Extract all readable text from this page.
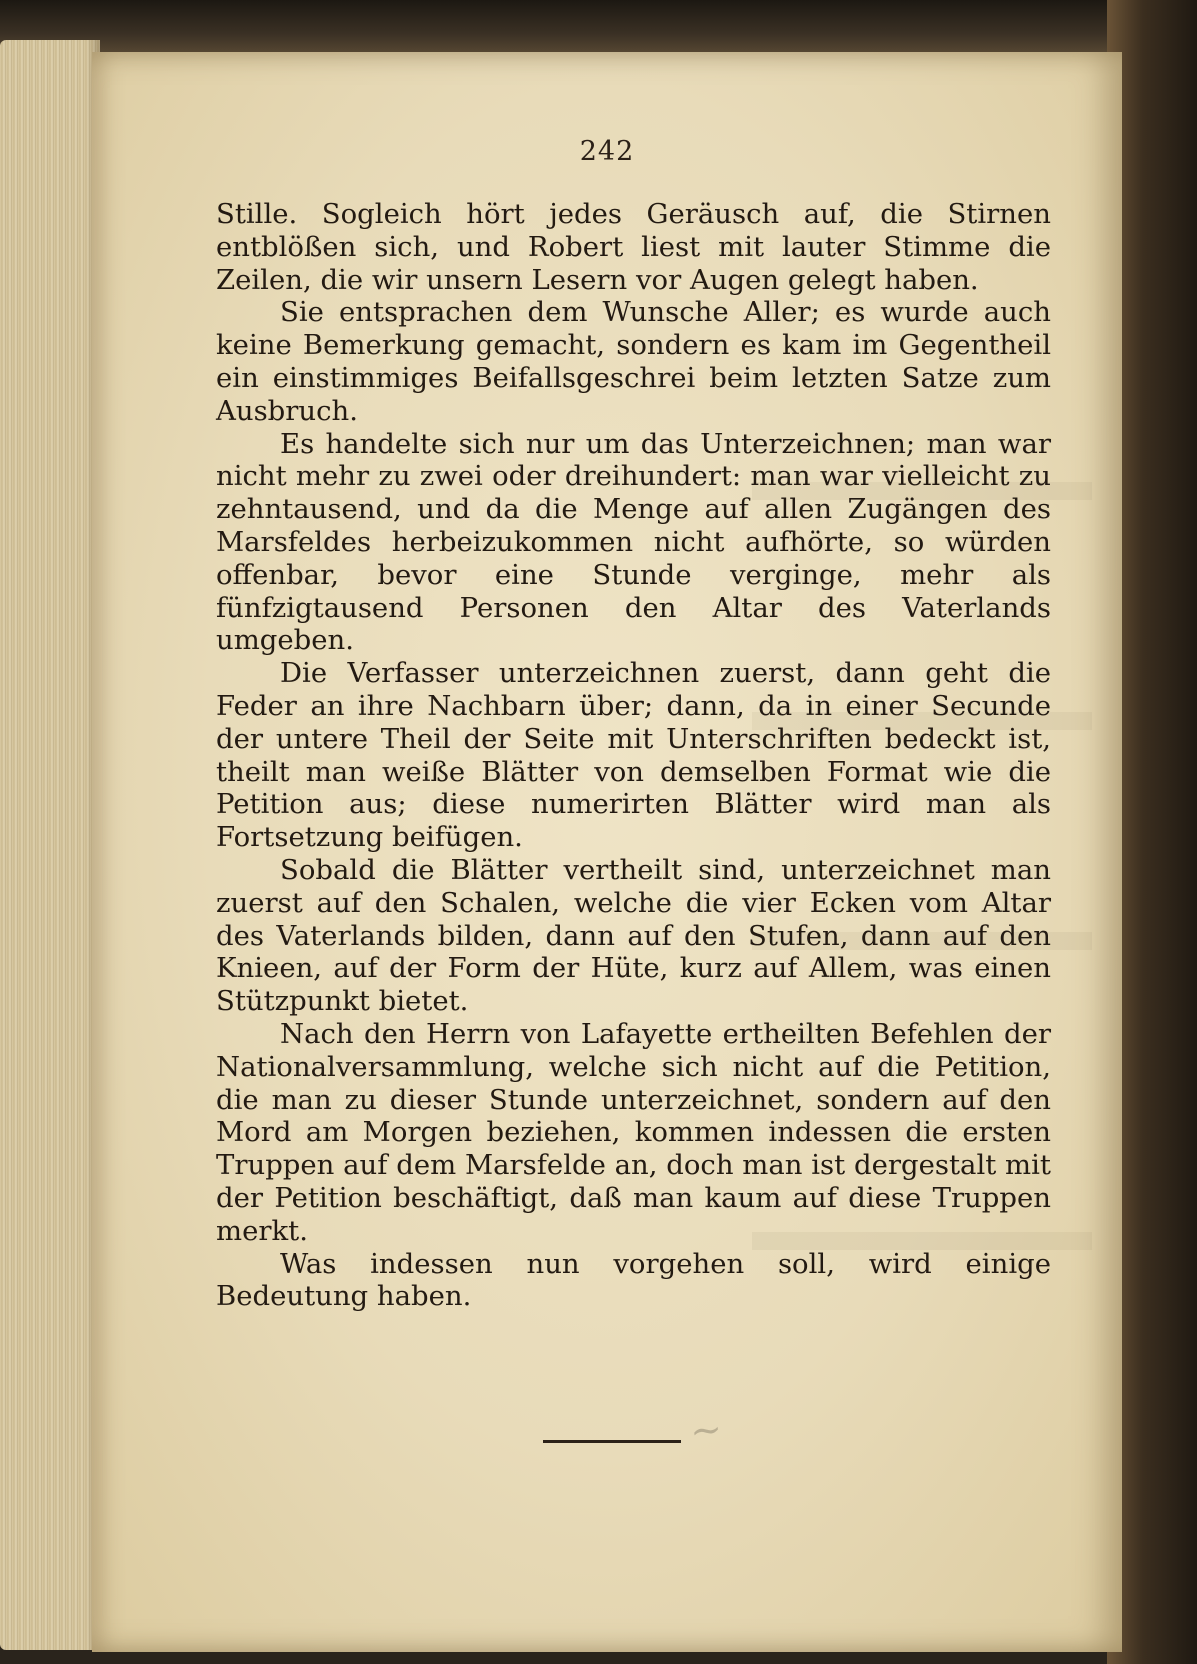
242

Stille. Sogleich hört jedes Geräusch auf, die Stirnen entblößen sich, und Robert liest mit lauter Stimme die Zeilen, die wir unsern Lesern vor Augen gelegt haben.

Sie entsprachen dem Wunsche Aller; es wurde auch keine Bemerkung gemacht, sondern es kam im Gegentheil ein einstimmiges Beifallsgeschrei beim letzten Satze zum Ausbruch.

Es handelte sich nur um das Unterzeichnen; man war nicht mehr zu zwei oder dreihundert: man war vielleicht zu zehntausend, und da die Menge auf allen Zugängen des Marsfeldes herbeizukommen nicht aufhörte, so würden offenbar, bevor eine Stunde verginge, mehr als fünfzigtausend Personen den Altar des Vaterlands umgeben.

Die Verfasser unterzeichnen zuerst, dann geht die Feder an ihre Nachbarn über; dann, da in einer Secunde der untere Theil der Seite mit Unterschriften bedeckt ist, theilt man weiße Blätter von demselben Format wie die Petition aus; diese numerirten Blätter wird man als Fortsetzung beifügen.

Sobald die Blätter vertheilt sind, unterzeichnet man zuerst auf den Schalen, welche die vier Ecken vom Altar des Vaterlands bilden, dann auf den Stufen, dann auf den Knieen, auf der Form der Hüte, kurz auf Allem, was einen Stützpunkt bietet.

Nach den Herrn von Lafayette ertheilten Befehlen der Nationalversammlung, welche sich nicht auf die Petition, die man zu dieser Stunde unterzeichnet, sondern auf den Mord am Morgen beziehen, kommen indessen die ersten Truppen auf dem Marsfelde an, doch man ist dergestalt mit der Petition beschäftigt, daß man kaum auf diese Truppen merkt.

Was indessen nun vorgehen soll, wird einige Bedeutung haben.

~
